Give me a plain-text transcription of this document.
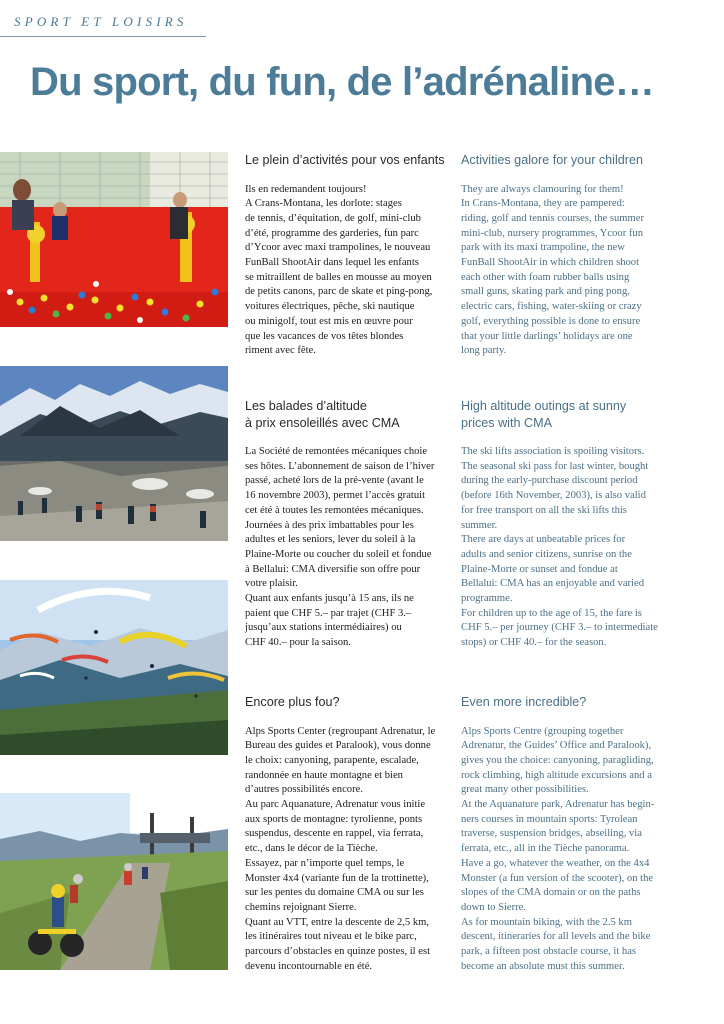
SPORT ET LOISIRS
Du sport, du fun, de l’adrénaline…
Le plein d’activités pour vos enfants
Ils en redemandent toujours!
A Crans-Montana, les dorlote: stages
de tennis, d’équitation, de golf, mini-club
d’été, programme des garderies, fun parc
d’Ycoor avec maxi trampolines, le nouveau
FunBall ShootAir dans lequel les enfants
se mitraillent de balles en mousse au moyen
de petits canons, parc de skate et ping-pong,
voitures électriques, pêche, ski nautique
ou minigolf, tout est mis en œuvre pour
que les vacances de vos têtes blondes
riment avec fête.
Activities galore for your children
They are always clamouring for them!
In Crans-Montana, they are pampered:
riding, golf and tennis courses, the summer
mini-club, nursery programmes, Ycoor fun
park with its maxi trampoline, the new
FunBall ShootAir in which children shoot
each other with foam rubber balls using
small guns, skating park and ping pong,
electric cars, fishing, water-skiing or crazy
golf, everything possible is done to ensure
that your little darlings’ holidays are one
long party.
Les balades d’altitude
à prix ensoleillés avec CMA
La Société de remontées mécaniques choie
ses hôtes. L’abonnement de saison de l’hiver
passé, acheté lors de la pré-vente (avant le
16 novembre 2003), permet l’accès gratuit
cet été à toutes les remontées mécaniques.
Journées à des prix imbattables pour les
adultes et les seniors, lever du soleil à la
Plaine-Morte ou coucher du soleil et fondue
à Bellalui: CMA diversifie son offre pour
votre plaisir.
Quant aux enfants jusqu’à 15 ans, ils ne
paient que CHF 5.– par trajet (CHF 3.–
jusqu’aux stations intermédiaires) ou
CHF 40.– pour la saison.
High altitude outings at sunny
prices with CMA
The ski lifts association is spoiling visitors.
The seasonal ski pass for last winter, bought
during the early-purchase discount period
(before 16th November, 2003), is also valid
for free transport on all the ski lifts this
summer.
There are days at unbeatable prices for
adults and senior citizens, sunrise on the
Plaine-Morte or sunset and fondue at
Bellalui: CMA has an enjoyable and varied
programme.
For children up to the age of 15, the fare is
CHF 5.– per journey (CHF 3.– to intermediate
stops) or CHF 40.– for the season.
Encore plus fou?
Alps Sports Center (regroupant Adrenatur, le
Bureau des guides et Paralook), vous donne
le choix: canyoning, parapente, escalade,
randonnée en haute montagne et bien
d’autres possibilités encore.
Au parc Aquanature, Adrenatur vous initie
aux sports de montagne: tyrolienne, ponts
suspendus, descente en rappel, via ferrata,
etc., dans le décor de la Tièche.
Essayez, par n’importe quel temps, le
Monster 4x4 (variante fun de la trottinette),
sur les pentes du domaine CMA ou sur les
chemins rejoignant Sierre.
Quant au VTT, entre la descente de 2,5 km,
les itinéraires tout niveau et le bike parc,
parcours d’obstacles en quinze postes, il est
devenu incontournable en été.
Even more incredible?
Alps Sports Centre (grouping together
Adrenatur, the Guides’ Office and Paralook),
gives you the choice: canyoning, paragliding,
rock climbing, high altitude excursions and a
great many other possibilities.
At the Aquanature park, Adrenatur has begin-
ners courses in mountain sports: Tyrolean
traverse, suspension bridges, abseiling, via
ferrata, etc., all in the Tièche panorama.
Have a go, whatever the weather, on the 4x4
Monster (a fun version of the scooter), on the
slopes of the CMA domain or on the paths
down to Sierre.
As for mountain biking, with the 2.5 km
descent, itineraries for all levels and the bike
park, a fifteen post obstacle course, it has
become an absolute must this summer.
